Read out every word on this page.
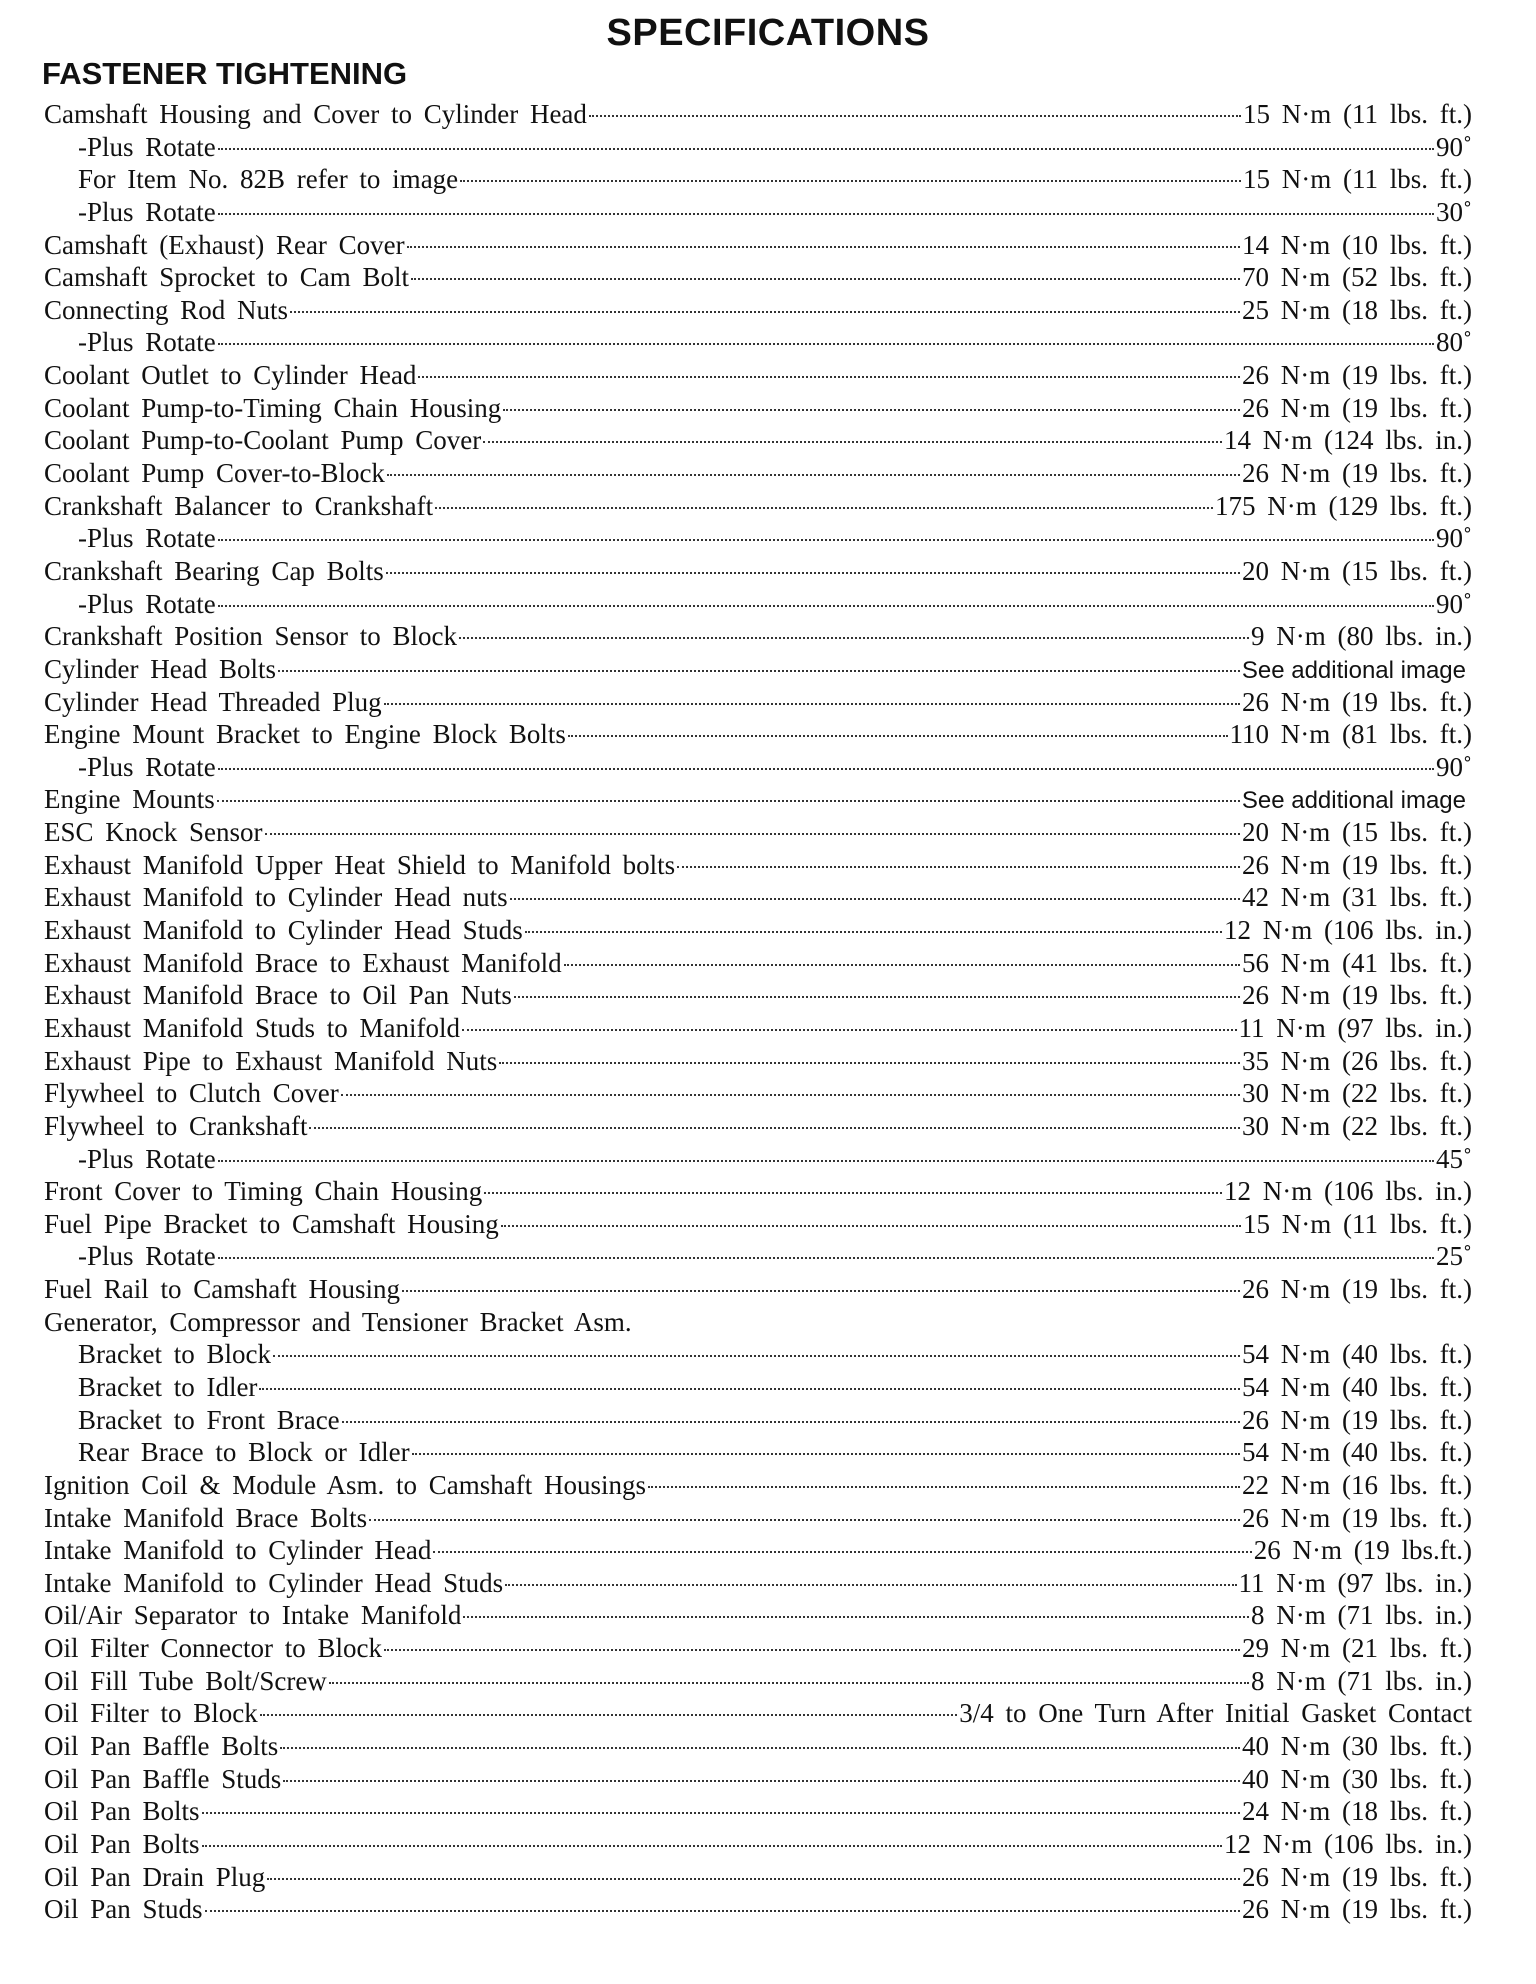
SPECIFICATIONS
FASTENER TIGHTENING
Camshaft Housing and Cover to Cylinder Head	15 N·m (11 lbs. ft.)
-Plus Rotate	90˚
For Item No. 82B refer to image	15 N·m (11 lbs. ft.)
-Plus Rotate	30˚
Camshaft (Exhaust) Rear Cover	14 N·m (10 lbs. ft.)
Camshaft Sprocket to Cam Bolt	70 N·m (52 lbs. ft.)
Connecting Rod Nuts	25 N·m (18 lbs. ft.)
-Plus Rotate	80˚
Coolant Outlet to Cylinder Head	26 N·m (19 lbs. ft.)
Coolant Pump-to-Timing Chain Housing	26 N·m (19 lbs. ft.)
Coolant Pump-to-Coolant Pump Cover	14 N·m (124 lbs. in.)
Coolant Pump Cover-to-Block	26 N·m (19 lbs. ft.)
Crankshaft Balancer to Crankshaft	175 N·m (129 lbs. ft.)
-Plus Rotate	90˚
Crankshaft Bearing Cap Bolts	20 N·m (15 lbs. ft.)
-Plus Rotate	90˚
Crankshaft Position Sensor to Block	9 N·m (80 lbs. in.)
Cylinder Head Bolts	See additional image
Cylinder Head Threaded Plug	26 N·m (19 lbs. ft.)
Engine Mount Bracket to Engine Block Bolts	110 N·m (81 lbs. ft.)
-Plus Rotate	90˚
Engine Mounts	See additional image
ESC Knock Sensor	20 N·m (15 lbs. ft.)
Exhaust Manifold Upper Heat Shield to Manifold bolts	26 N·m (19 lbs. ft.)
Exhaust Manifold to Cylinder Head nuts	42 N·m (31 lbs. ft.)
Exhaust Manifold to Cylinder Head Studs	12 N·m (106 lbs. in.)
Exhaust Manifold Brace to Exhaust Manifold	56 N·m (41 lbs. ft.)
Exhaust Manifold Brace to Oil Pan Nuts	26 N·m (19 lbs. ft.)
Exhaust Manifold Studs to Manifold	11 N·m (97 lbs. in.)
Exhaust Pipe to Exhaust Manifold Nuts	35 N·m (26 lbs. ft.)
Flywheel to Clutch Cover	30 N·m (22 lbs. ft.)
Flywheel to Crankshaft	30 N·m (22 lbs. ft.)
-Plus Rotate	45˚
Front Cover to Timing Chain Housing	12 N·m (106 lbs. in.)
Fuel Pipe Bracket to Camshaft Housing	15 N·m (11 lbs. ft.)
-Plus Rotate	25˚
Fuel Rail to Camshaft Housing	26 N·m (19 lbs. ft.)
Generator, Compressor and Tensioner Bracket Asm.
Bracket to Block	54 N·m (40 lbs. ft.)
Bracket to Idler	54 N·m (40 lbs. ft.)
Bracket to Front Brace	26 N·m (19 lbs. ft.)
Rear Brace to Block or Idler	54 N·m (40 lbs. ft.)
Ignition Coil & Module Asm. to Camshaft Housings	22 N·m (16 lbs. ft.)
Intake Manifold Brace Bolts	26 N·m (19 lbs. ft.)
Intake Manifold to Cylinder Head	26 N·m (19 lbs.ft.)
Intake Manifold to Cylinder Head Studs	11 N·m (97 lbs. in.)
Oil/Air Separator to Intake Manifold	8 N·m (71 lbs. in.)
Oil Filter Connector to Block	29 N·m (21 lbs. ft.)
Oil Fill Tube Bolt/Screw	8 N·m (71 lbs. in.)
Oil Filter to Block	3/4 to One Turn After Initial Gasket Contact
Oil Pan Baffle Bolts	40 N·m (30 lbs. ft.)
Oil Pan Baffle Studs	40 N·m (30 lbs. ft.)
Oil Pan Bolts	24 N·m (18 lbs. ft.)
Oil Pan Bolts	12 N·m (106 lbs. in.)
Oil Pan Drain Plug	26 N·m (19 lbs. ft.)
Oil Pan Studs	26 N·m (19 lbs. ft.)
